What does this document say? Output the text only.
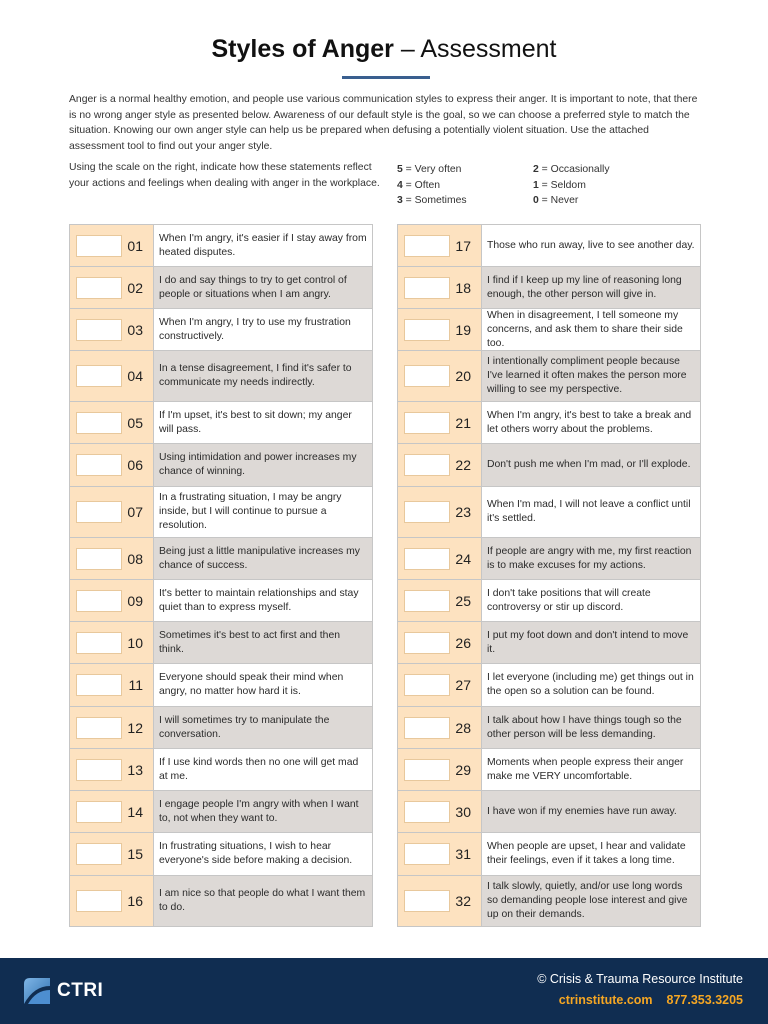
Styles of Anger – Assessment

Anger is a normal healthy emotion, and people use various communication styles to express their anger. It is important to note, that there is no wrong anger style as presented below. Awareness of our default style is the goal, so we can choose a preferred style to match the situation. Knowing our own anger style can help us be prepared when defusing a potentially violent situation. Use the attached assessment tool to find out your anger style.

Using the scale on the right, indicate how these statements reflect your actions and feelings when dealing with anger in the workplace.

5 = Very often
4 = Often
3 = Sometimes
2 = Occasionally
1 = Seldom
0 = Never
01 When I'm angry, it's easier if I stay away from heated disputes.
02 I do and say things to try to get control of people or situations when I am angry.
03 When I'm angry, I try to use my frustration constructively.
04 In a tense disagreement, I find it's safer to communicate my needs indirectly.
05 If I'm upset, it's best to sit down; my anger will pass.
06 Using intimidation and power increases my chance of winning.
07
In a frustrating situation, I may be angry inside, but I will continue to pursue a resolution.
08 Being just a little manipulative increases my chance of success.
09 It's better to maintain relationships and stay quiet than to express myself.
10 Sometimes it's best to act first and then think.
11 Everyone should speak their mind when angry, no matter how hard it is.
12 I will sometimes try to manipulate the conversation.
13 If I use kind words then no one will get mad at me.
14 I engage people I'm angry with when I want to, not when they want to.
15 In frustrating situations, I wish to hear everyone's side before making a decision.
16 I am nice so that people do what I want them to do.
17 Those who run away, live to see another day.
18 I find if I keep up my line of reasoning long enough, the other person will give in.
19
When in disagreement, I tell someone my concerns, and ask them to share their side too.
20
I intentionally compliment people because I've learned it often makes the person more willing to see my perspective.
21 When I'm angry, it's best to take a break and let others worry about the problems.
22 Don't push me when I'm mad, or I'll explode.
23 When I'm mad, I will not leave a conflict until it's settled.
24 If people are angry with me, my first reaction is to make excuses for my actions.
25 I don't take positions that will create controversy or stir up discord.
26 I put my foot down and don't intend to move it.
27 I let everyone (including me) get things out in the open so a solution can be found.
28 I talk about how I have things tough so the other person will be less demanding.
29 Moments when people express their anger make me VERY uncomfortable.
30 I have won if my enemies have run away.
31 When people are upset, I hear and validate their feelings, even if it takes a long time.
32
I talk slowly, quietly, and/or use long words so demanding people lose interest and give up on their demands.
CTRI
© Crisis & Trauma Resource Institute
ctrinstitute.com 877.353.3205
